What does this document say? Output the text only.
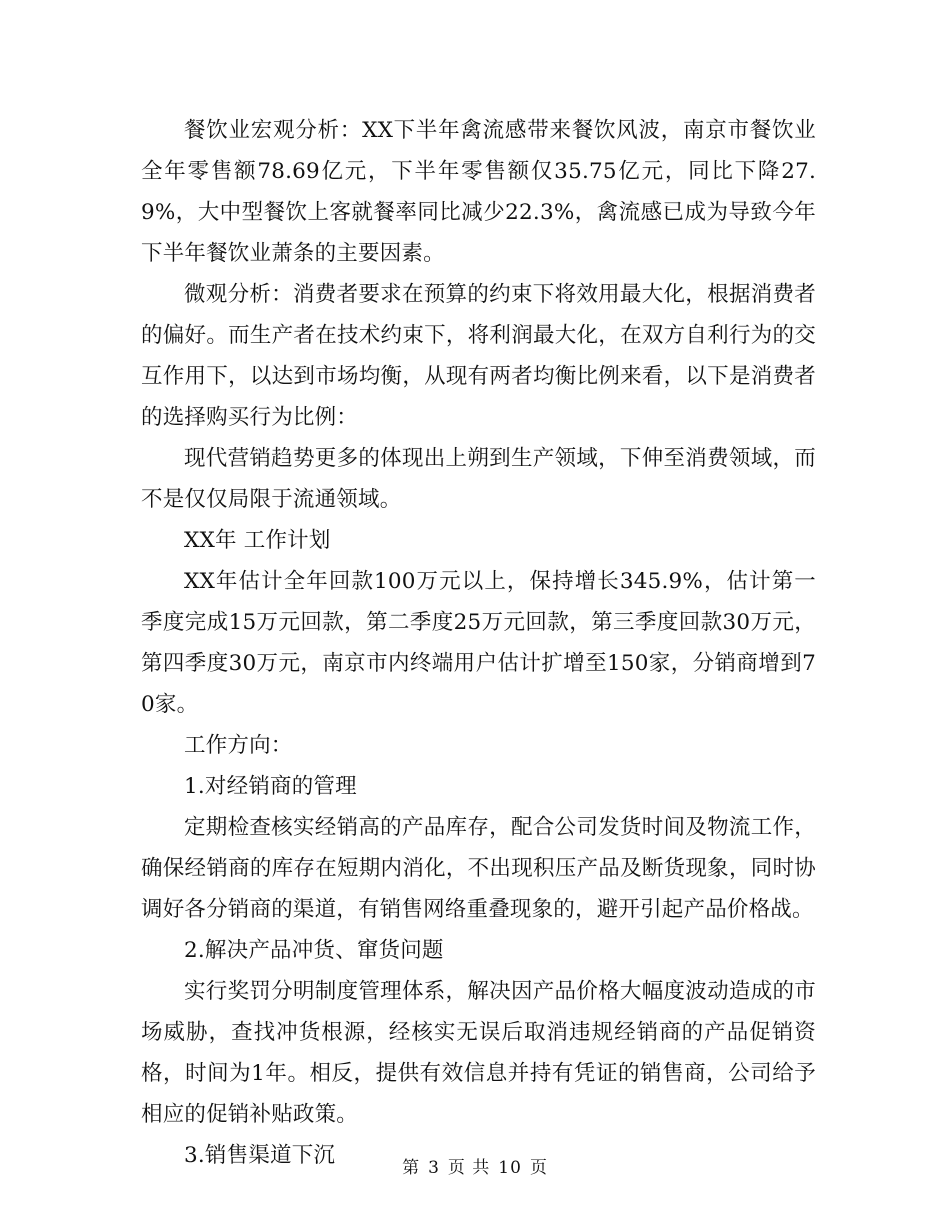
餐饮业宏观分析：XX下半年禽流感带来餐饮风波，南京市餐饮业全年零售额78.69亿元，下半年零售额仅35.75亿元，同比下降27.9%，大中型餐饮上客就餐率同比减少22.3%，禽流感已成为导致今年下半年餐饮业萧条的主要因素。

微观分析：消费者要求在预算的约束下将效用最大化，根据消费者的偏好。而生产者在技术约束下，将利润最大化，在双方自利行为的交互作用下，以达到市场均衡，从现有两者均衡比例来看，以下是消费者的选择购买行为比例：

现代营销趋势更多的体现出上朔到生产领域，下伸至消费领域，而不是仅仅局限于流通领域。

XX年 工作计划

XX年估计全年回款100万元以上，保持增长345.9%，估计第一季度完成15万元回款，第二季度25万元回款，第三季度回款30万元，第四季度30万元，南京市内终端用户估计扩增至150家，分销商增到70家。

工作方向：

1.对经销商的管理

定期检查核实经销高的产品库存，配合公司发货时间及物流工作，确保经销商的库存在短期内消化，不出现积压产品及断货现象，同时协调好各分销商的渠道，有销售网络重叠现象的，避开引起产品价格战。

2.解决产品冲货、窜货问题

实行奖罚分明制度管理体系，解决因产品价格大幅度波动造成的市场威胁，查找冲货根源，经核实无误后取消违规经销商的产品促销资格，时间为1年。相反，提供有效信息并持有凭证的销售商，公司给予相应的促销补贴政策。

3.销售渠道下沉	第 3 页 共 10 页
